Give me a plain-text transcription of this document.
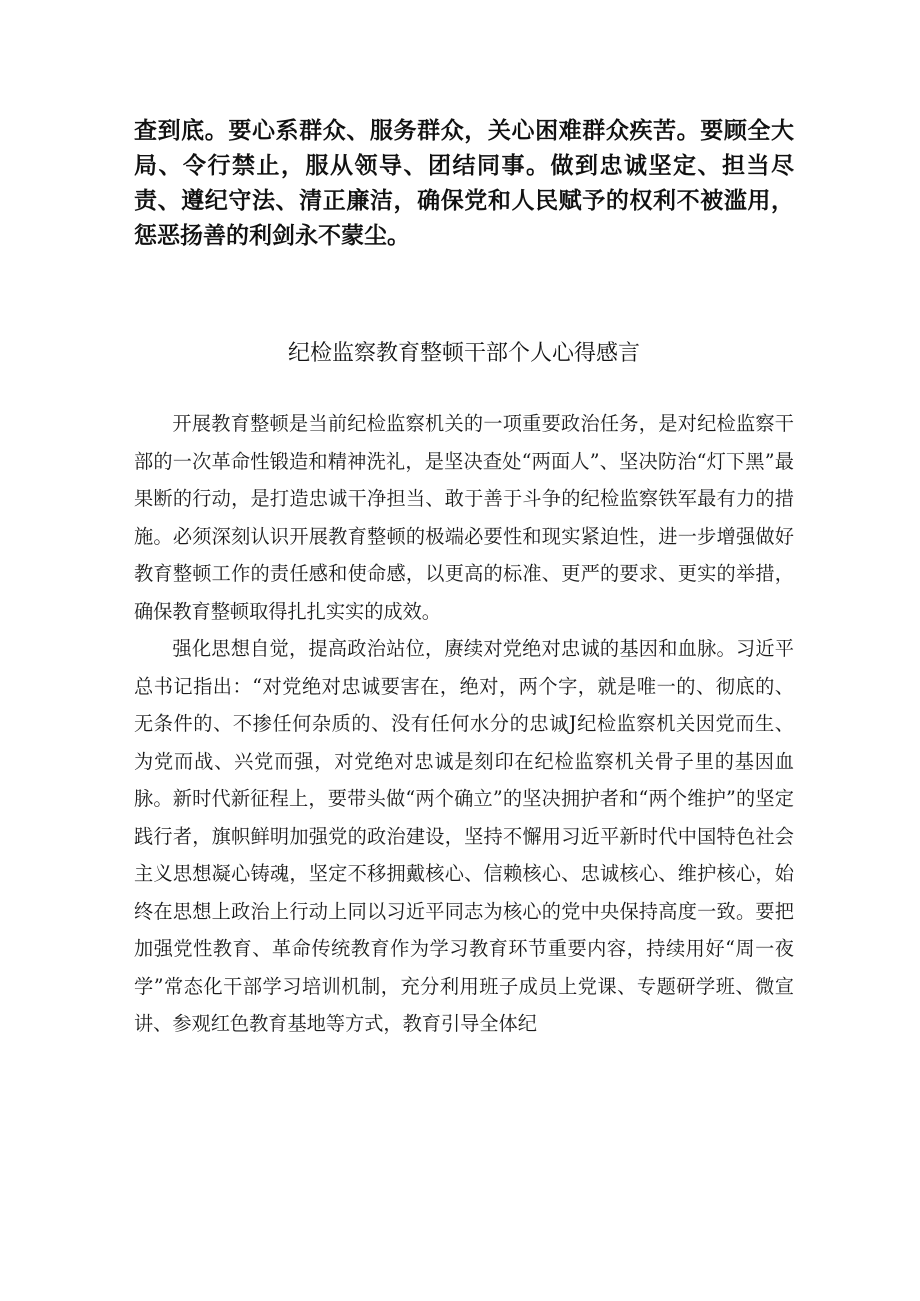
查到底。要心系群众、服务群众，关心困难群众疾苦。要顾全大局、令行禁止，服从领导、团结同事。做到忠诚坚定、担当尽责、遵纪守法、清正廉洁，确保党和人民赋予的权利不被滥用，惩恶扬善的利剑永不蒙尘。

纪检监察教育整顿干部个人心得感言

开展教育整顿是当前纪检监察机关的一项重要政治任务，是对纪检监察干部的一次革命性锻造和精神洗礼，是坚决查处“两面人”、坚决防治“灯下黑”最果断的行动，是打造忠诚干净担当、敢于善于斗争的纪检监察铁军最有力的措施。必须深刻认识开展教育整顿的极端必要性和现实紧迫性，进一步增强做好教育整顿工作的责任感和使命感，以更高的标准、更严的要求、更实的举措，确保教育整顿取得扎扎实实的成效。

强化思想自觉，提高政治站位，赓续对党绝对忠诚的基因和血脉。习近平总书记指出：“对党绝对忠诚要害在，绝对，两个字，就是唯一的、彻底的、无条件的、不掺任何杂质的、没有任何水分的忠诚J纪检监察机关因党而生、为党而战、兴党而强，对党绝对忠诚是刻印在纪检监察机关骨子里的基因血脉。新时代新征程上，要带头做“两个确立”的坚决拥护者和“两个维护”的坚定践行者，旗帜鲜明加强党的政治建设，坚持不懈用习近平新时代中国特色社会主义思想凝心铸魂，坚定不移拥戴核心、信赖核心、忠诚核心、维护核心，始终在思想上政治上行动上同以习近平同志为核心的党中央保持高度一致。要把加强党性教育、革命传统教育作为学习教育环节重要内容，持续用好“周一夜学”常态化干部学习培训机制，充分利用班子成员上党课、专题研学班、微宣讲、参观红色教育基地等方式，教育引导全体纪
